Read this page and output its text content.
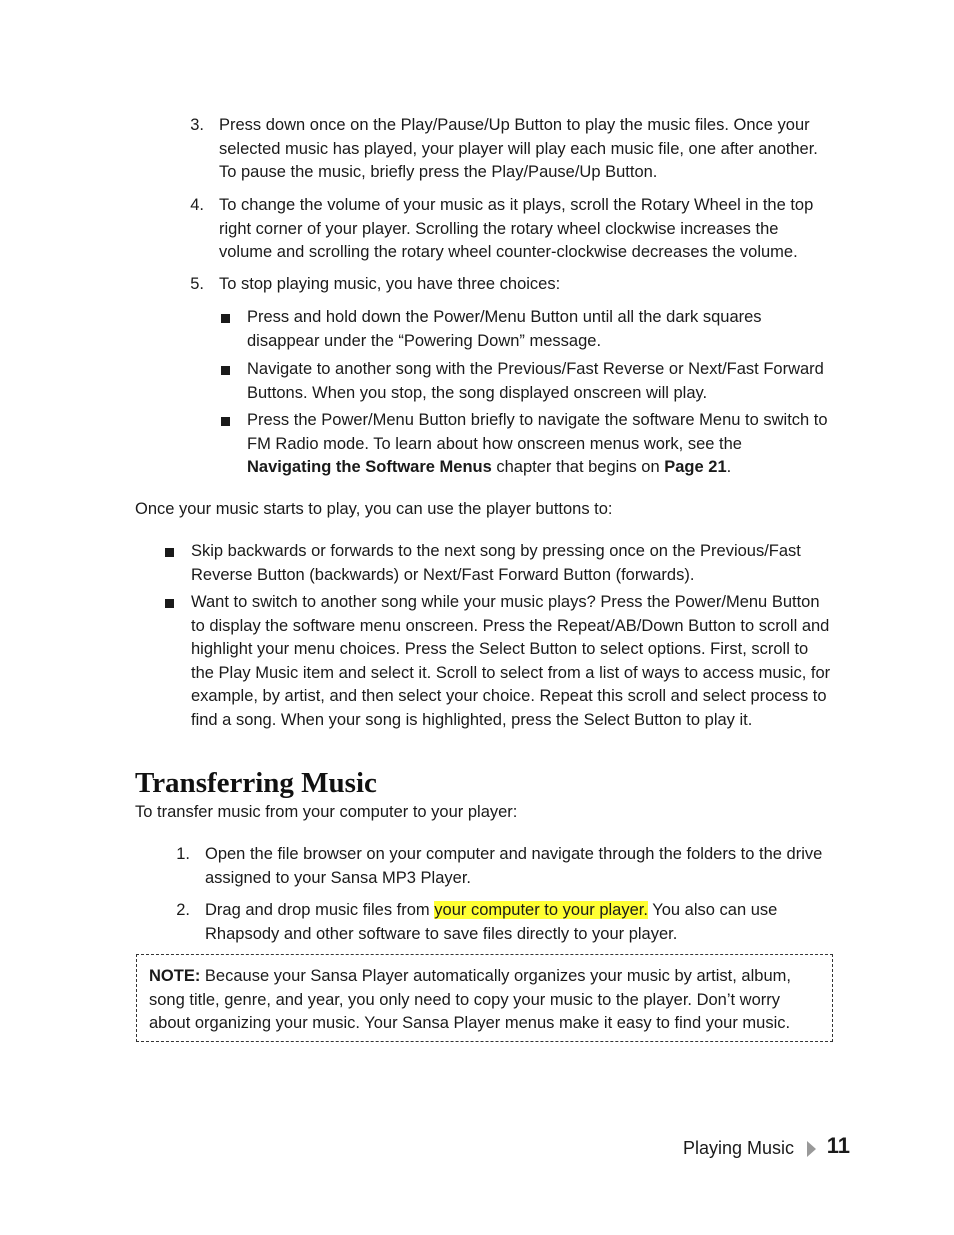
3. Press down once on the Play/Pause/Up Button to play the music files. Once your
selected music has played, your player will play each music file, one after another.
To pause the music, briefly press the Play/Pause/Up Button.
4. To change the volume of your music as it plays, scroll the Rotary Wheel in the top
right corner of your player. Scrolling the rotary wheel clockwise increases the
volume and scrolling the rotary wheel counter-clockwise decreases the volume.
5. To stop playing music, you have three choices:
Press and hold down the Power/Menu Button until all the dark squares
disappear under the “Powering Down” message.
Navigate to another song with the Previous/Fast Reverse or Next/Fast Forward
Buttons. When you stop, the song displayed onscreen will play.
Press the Power/Menu Button briefly to navigate the software Menu to switch to
FM Radio mode. To learn about how onscreen menus work, see the
Navigating the Software Menus chapter that begins on Page 21.
Once your music starts to play, you can use the player buttons to:
Skip backwards or forwards to the next song by pressing once on the Previous/Fast
Reverse Button (backwards) or Next/Fast Forward Button (forwards).
Want to switch to another song while your music plays? Press the Power/Menu Button
to display the software menu onscreen. Press the Repeat/AB/Down Button to scroll and
highlight your menu choices. Press the Select Button to select options. First, scroll to
the Play Music item and select it. Scroll to select from a list of ways to access music, for
example, by artist, and then select your choice. Repeat this scroll and select process to
find a song. When your song is highlighted, press the Select Button to play it.
Transferring Music
To transfer music from your computer to your player:
1. Open the file browser on your computer and navigate through the folders to the drive
assigned to your Sansa MP3 Player.
2. Drag and drop music files from your computer to your player. You also can use
Rhapsody and other software to save files directly to your player.
NOTE: Because your Sansa Player automatically organizes your music by artist, album,
song title, genre, and year, you only need to copy your music to the player. Don’t worry
about organizing your music. Your Sansa Player menus make it easy to find your music.
Playing Music 11
